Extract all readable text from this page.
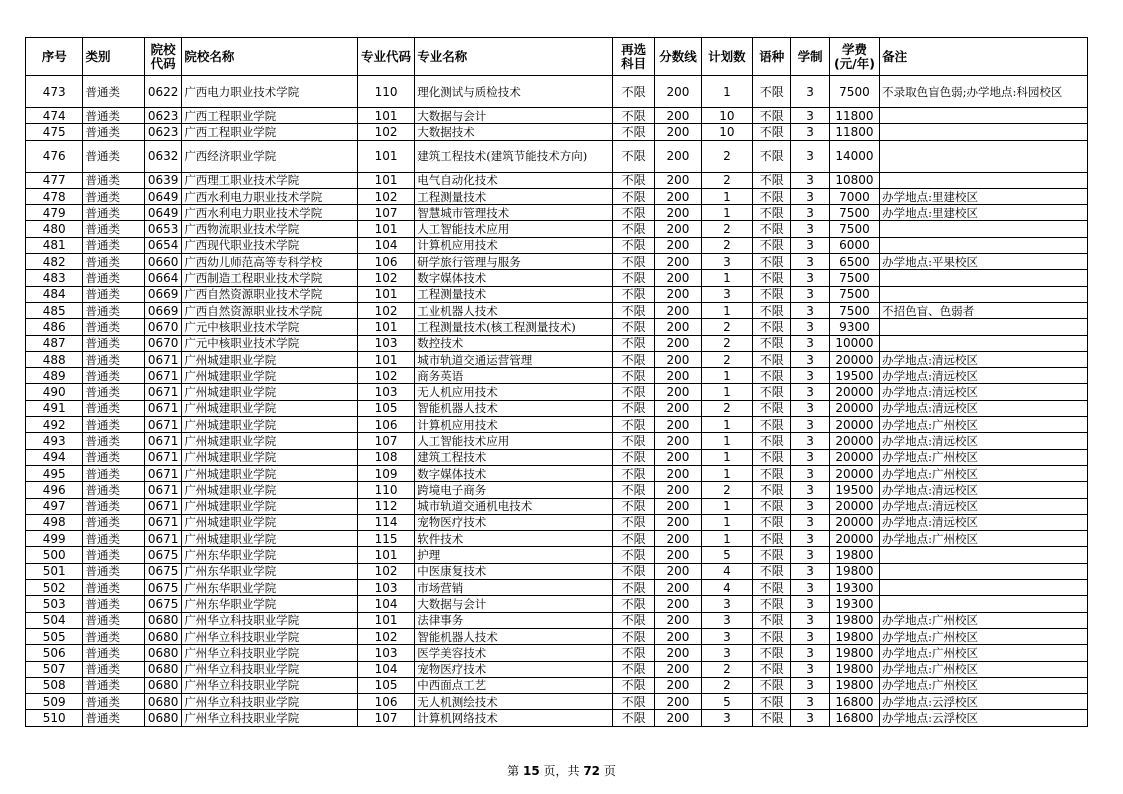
序号	类别	院校代码	院校名称	专业代码	专业名称	再选科目	分数线	计划数	语种	学制	学费(元/年)	备注
473	普通类	0622	广西电力职业技术学院	110	理化测试与质检技术	不限	200	1	不限	3	7500	不录取色盲色弱;办学地点:科园校区
474	普通类	0623	广西工程职业学院	101	大数据与会计	不限	200	10	不限	3	11800	
475	普通类	0623	广西工程职业学院	102	大数据技术	不限	200	10	不限	3	11800	
476	普通类	0632	广西经济职业学院	101	建筑工程技术(建筑节能技术方向)	不限	200	2	不限	3	14000	
477	普通类	0639	广西理工职业技术学院	101	电气自动化技术	不限	200	2	不限	3	10800	
478	普通类	0649	广西水利电力职业技术学院	102	工程测量技术	不限	200	1	不限	3	7000	办学地点:里建校区
479	普通类	0649	广西水利电力职业技术学院	107	智慧城市管理技术	不限	200	1	不限	3	7500	办学地点:里建校区
480	普通类	0653	广西物流职业技术学院	101	人工智能技术应用	不限	200	2	不限	3	7500	
481	普通类	0654	广西现代职业技术学院	104	计算机应用技术	不限	200	2	不限	3	6000	
482	普通类	0660	广西幼儿师范高等专科学校	106	研学旅行管理与服务	不限	200	3	不限	3	6500	办学地点:平果校区
483	普通类	0664	广西制造工程职业技术学院	102	数字媒体技术	不限	200	1	不限	3	7500	
484	普通类	0669	广西自然资源职业技术学院	101	工程测量技术	不限	200	3	不限	3	7500	
485	普通类	0669	广西自然资源职业技术学院	102	工业机器人技术	不限	200	1	不限	3	7500	不招色盲、色弱者
486	普通类	0670	广元中核职业技术学院	101	工程测量技术(核工程测量技术)	不限	200	2	不限	3	9300	
487	普通类	0670	广元中核职业技术学院	103	数控技术	不限	200	2	不限	3	10000	
488	普通类	0671	广州城建职业学院	101	城市轨道交通运营管理	不限	200	2	不限	3	20000	办学地点:清远校区
489	普通类	0671	广州城建职业学院	102	商务英语	不限	200	1	不限	3	19500	办学地点:清远校区
490	普通类	0671	广州城建职业学院	103	无人机应用技术	不限	200	1	不限	3	20000	办学地点:清远校区
491	普通类	0671	广州城建职业学院	105	智能机器人技术	不限	200	2	不限	3	20000	办学地点:清远校区
492	普通类	0671	广州城建职业学院	106	计算机应用技术	不限	200	1	不限	3	20000	办学地点:广州校区
493	普通类	0671	广州城建职业学院	107	人工智能技术应用	不限	200	1	不限	3	20000	办学地点:清远校区
494	普通类	0671	广州城建职业学院	108	建筑工程技术	不限	200	1	不限	3	20000	办学地点:广州校区
495	普通类	0671	广州城建职业学院	109	数字媒体技术	不限	200	1	不限	3	20000	办学地点:广州校区
496	普通类	0671	广州城建职业学院	110	跨境电子商务	不限	200	2	不限	3	19500	办学地点:清远校区
497	普通类	0671	广州城建职业学院	112	城市轨道交通机电技术	不限	200	1	不限	3	20000	办学地点:清远校区
498	普通类	0671	广州城建职业学院	114	宠物医疗技术	不限	200	1	不限	3	20000	办学地点:清远校区
499	普通类	0671	广州城建职业学院	115	软件技术	不限	200	1	不限	3	20000	办学地点:广州校区
500	普通类	0675	广州东华职业学院	101	护理	不限	200	5	不限	3	19800	
501	普通类	0675	广州东华职业学院	102	中医康复技术	不限	200	4	不限	3	19800	
502	普通类	0675	广州东华职业学院	103	市场营销	不限	200	4	不限	3	19300	
503	普通类	0675	广州东华职业学院	104	大数据与会计	不限	200	3	不限	3	19300	
504	普通类	0680	广州华立科技职业学院	101	法律事务	不限	200	3	不限	3	19800	办学地点:广州校区
505	普通类	0680	广州华立科技职业学院	102	智能机器人技术	不限	200	3	不限	3	19800	办学地点:广州校区
506	普通类	0680	广州华立科技职业学院	103	医学美容技术	不限	200	3	不限	3	19800	办学地点:广州校区
507	普通类	0680	广州华立科技职业学院	104	宠物医疗技术	不限	200	2	不限	3	19800	办学地点:广州校区
508	普通类	0680	广州华立科技职业学院	105	中西面点工艺	不限	200	2	不限	3	19800	办学地点:广州校区
509	普通类	0680	广州华立科技职业学院	106	无人机测绘技术	不限	200	5	不限	3	16800	办学地点:云浮校区
510	普通类	0680	广州华立科技职业学院	107	计算机网络技术	不限	200	3	不限	3	16800	办学地点:云浮校区
第 15 页，共 72 页
